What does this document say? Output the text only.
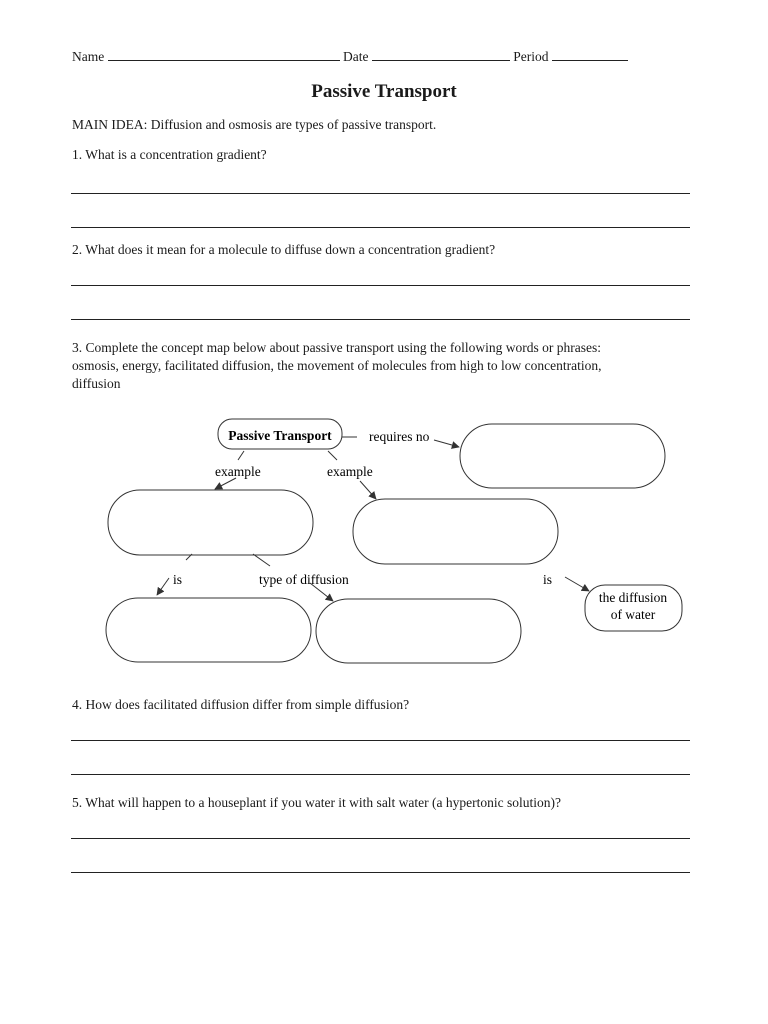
Name	Date	Period
Passive Transport
MAIN IDEA: Diffusion and osmosis are types of passive transport.
1. What is a concentration gradient?
2. What does it mean for a molecule to diffuse down a concentration gradient?
3. Complete the concept map below about passive transport using the following words or phrases:
osmosis, energy, facilitated diffusion, the movement of molecules from high to low concentration,
diffusion
Passive Transport
the diffusion
of water
requires no
example	example
is	type of diffusion	is
4. How does facilitated diffusion differ from simple diffusion?
5. What will happen to a houseplant if you water it with salt water (a hypertonic solution)?
